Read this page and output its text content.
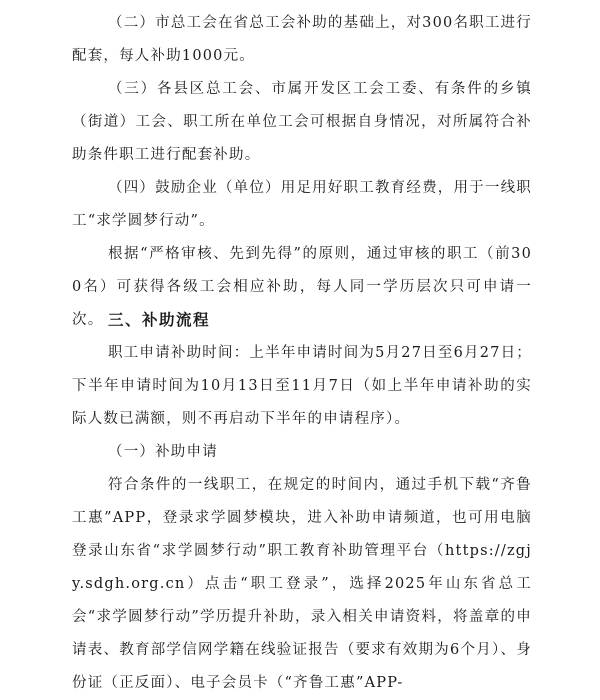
（二）市总工会在省总工会补助的基础上，对300名职工进行配套，每人补助1000元。

（三）各县区总工会、市属开发区工会工委、有条件的乡镇（街道）工会、职工所在单位工会可根据自身情况，对所属符合补助条件职工进行配套补助。

（四）鼓励企业（单位）用足用好职工教育经费，用于一线职工“求学圆梦行动”。

根据“严格审核、先到先得”的原则，通过审核的职工（前300名）可获得各级工会相应补助，每人同一学历层次只可申请一次。 三、补助流程

职工申请补助时间：上半年申请时间为5月27日至6月27日；下半年申请时间为10月13日至11月7日（如上半年申请补助的实际人数已满额，则不再启动下半年的申请程序）。

（一）补助申请

符合条件的一线职工，在规定的时间内，通过手机下载“齐鲁工惠”APP，登录求学圆梦模块，进入补助申请频道，也可用电脑登录山东省“求学圆梦行动”职工教育补助管理平台（https://zgjy.sdgh.org.cn）点击“职工登录”，选择2025年山东省总工会“求学圆梦行动”学历提升补助，录入相关申请资料，将盖章的申请表、教育部学信网学籍在线验证报告（要求有效期为6个月）、身份证（正反面）、电子会员卡（“齐鲁工惠”APP-
